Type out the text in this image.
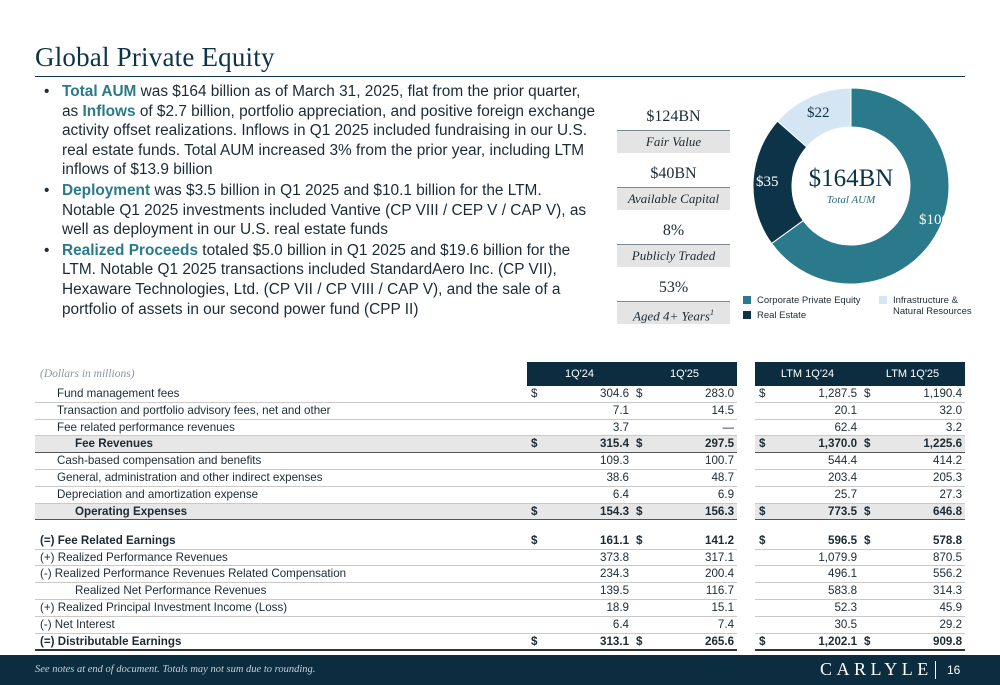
Global Private Equity
• Total AUM was $164 billion as of March 31, 2025, flat from the prior quarter, as Inflows of $2.7 billion, portfolio appreciation, and positive foreign exchange activity offset realizations. Inflows in Q1 2025 included fundraising in our U.S. real estate funds. Total AUM increased 3% from the prior year, including LTM inflows of $13.9 billion
• Deployment was $3.5 billion in Q1 2025 and $10.1 billion for the LTM. Notable Q1 2025 investments included Vantive (CP VIII / CEP V / CAP V), as well as deployment in our U.S. real estate funds
• Realized Proceeds totaled $5.0 billion in Q1 2025 and $19.6 billion for the LTM. Notable Q1 2025 transactions included StandardAero Inc. (CP VII), Hexaware Technologies, Ltd. (CP VII / CP VIII / CAP V), and the sale of a portfolio of assets in our second power fund (CPP II)
$124BN
Fair Value
$40BN
Available Capital
8%
Publicly Traded
53%
Aged 4+ Years$^1$
$164BN
Total AUM
$106
$35
$22
Corporate Private Equity	Infrastructure &
Natural Resources
Real Estate
(Dollars in millions)	1Q'24		1Q'25			LTM 1Q'24		LTM 1Q'25	
Fund management fees	$	304.6	$	283.0		$	1,287.5	$	1,190.4
Transaction and portfolio advisory fees, net and other		7.1		14.5			20.1		32.0
Fee related performance revenues		3.7		—			62.4		3.2
Fee Revenues	$	315.4	$	297.5		$	1,370.0	$	1,225.6
Cash-based compensation and benefits		109.3		100.7			544.4		414.2
General, administration and other indirect expenses		38.6		48.7			203.4		205.3
Depreciation and amortization expense		6.4		6.9			25.7		27.3
Operating Expenses	$	154.3	$	156.3		$	773.5	$	646.8

(=) Fee Related Earnings	$	161.1	$	141.2		$	596.5	$	578.8
(+) Realized Performance Revenues		373.8		317.1			1,079.9		870.5
(-) Realized Performance Revenues Related Compensation		234.3		200.4			496.1		556.2
Realized Net Performance Revenues		139.5		116.7			583.8		314.3
(+) Realized Principal Investment Income (Loss)		18.9		15.1			52.3		45.9
(-) Net Interest		6.4		7.4			30.5		29.2
(=) Distributable Earnings	$	313.1	$	265.6		$	1,202.1	$	909.8
See notes at end of document. Totals may not sum due to rounding.	CARLYLE 16
